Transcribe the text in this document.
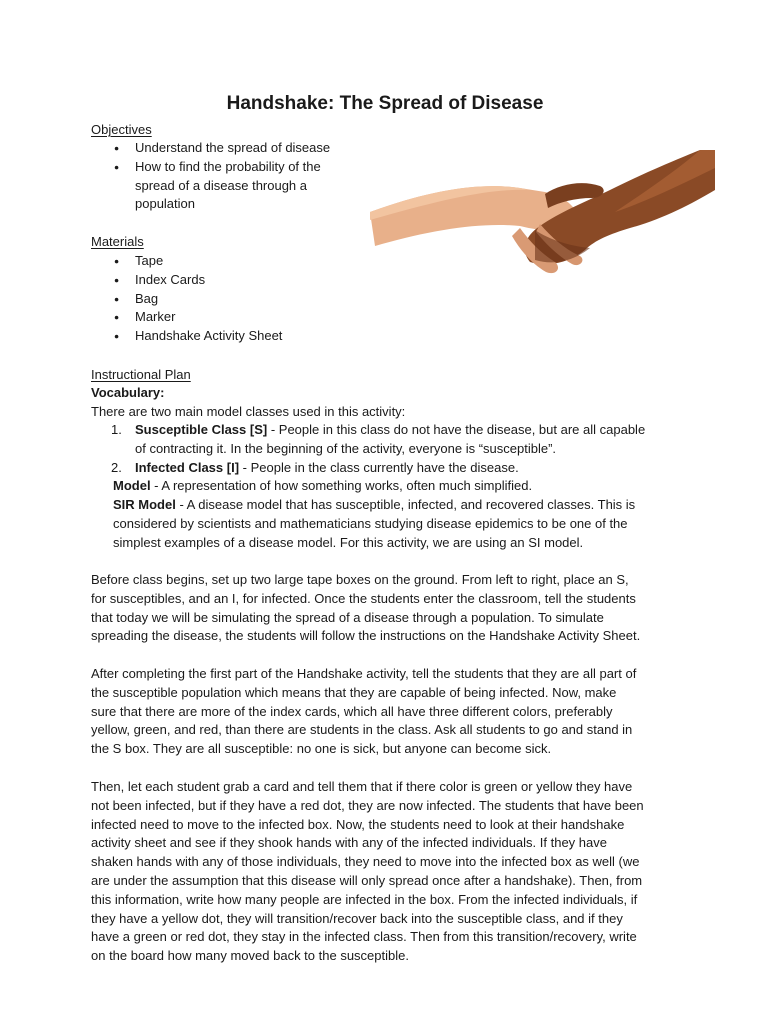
Handshake: The Spread of Disease
Objectives
● Understand the spread of disease
● How to find the probability of the
spread of a disease through a
population
Materials
● Tape
● Index Cards
● Bag
● Marker
● Handshake Activity Sheet
Instructional Plan
Vocabulary:
There are two main model classes used in this activity:
1. Susceptible Class [S] - People in this class do not have the disease, but are all capable
of contracting it. In the beginning of the activity, everyone is “susceptible”.
2. Infected Class [I] - People in the class currently have the disease.
Model - A representation of how something works, often much simplified.
SIR Model - A disease model that has susceptible, infected, and recovered classes. This is
considered by scientists and mathematicians studying disease epidemics to be one of the
simplest examples of a disease model. For this activity, we are using an SI model.

Before class begins, set up two large tape boxes on the ground. From left to right, place an S,
for susceptibles, and an I, for infected. Once the students enter the classroom, tell the students
that today we will be simulating the spread of a disease through a population. To simulate
spreading the disease, the students will follow the instructions on the Handshake Activity Sheet.

After completing the first part of the Handshake activity, tell the students that they are all part of
the susceptible population which means that they are capable of being infected. Now, make
sure that there are more of the index cards, which all have three different colors, preferably
yellow, green, and red, than there are students in the class. Ask all students to go and stand in
the S box. They are all susceptible: no one is sick, but anyone can become sick.

Then, let each student grab a card and tell them that if there color is green or yellow they have
not been infected, but if they have a red dot, they are now infected. The students that have been
infected need to move to the infected box. Now, the students need to look at their handshake
activity sheet and see if they shook hands with any of the infected individuals. If they have
shaken hands with any of those individuals, they need to move into the infected box as well (we
are under the assumption that this disease will only spread once after a handshake). Then, from
this information, write how many people are infected in the box. From the infected individuals, if
they have a yellow dot, they will transition/recover back into the susceptible class, and if they
have a green or red dot, they stay in the infected class. Then from this transition/recovery, write
on the board how many moved back to the susceptible.
